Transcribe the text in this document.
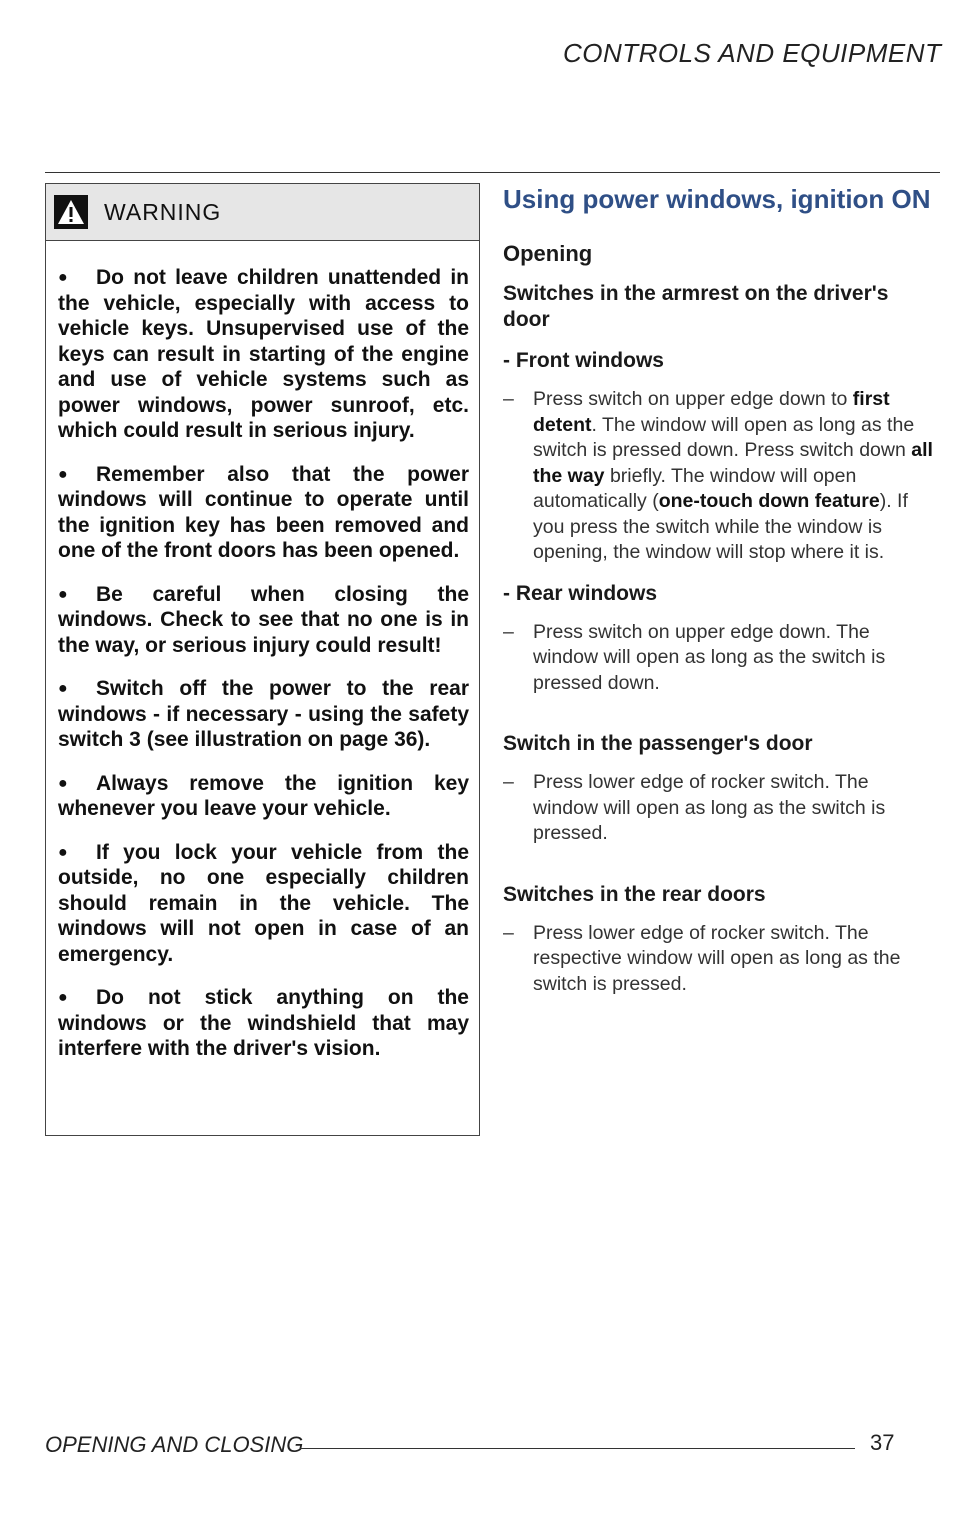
CONTROLS AND EQUIPMENT
WARNING

● Do not leave children unattended in the vehicle, especially with access to vehicle keys. Unsupervised use of the keys can result in starting of the engine and use of vehicle systems such as power windows, power sunroof, etc. which could result in serious injury.

● Remember also that the power windows will continue to operate until the ignition key has been removed and one of the front doors has been opened.

● Be careful when closing the windows. Check to see that no one is in the way, or serious injury could result!

● Switch off the power to the rear windows - if necessary - using the safety switch 3 (see illustration on page 36).

● Always remove the ignition key whenever you leave your vehicle.

● If you lock your vehicle from the outside, no one especially children should remain in the vehicle. The windows will not open in case of an emergency.

● Do not stick anything on the windows or the windshield that may interfere with the driver's vision.

Using power windows, ignition ON
Opening
Switches in the armrest on the driver's door
- Front windows

– Press switch on upper edge down to first detent. The window will open as long as the switch is pressed down. Press switch down all the way briefly. The window will open automatically (one-touch down feature). If you press the switch while the window is opening, the window will stop where it is.

- Rear windows

– Press switch on upper edge down. The window will open as long as the switch is pressed down.

Switch in the passenger's door

– Press lower edge of rocker switch. The window will open as long as the switch is pressed.

Switches in the rear doors

– Press lower edge of rocker switch. The respective window will open as long as the switch is pressed.

OPENING AND CLOSING	37
